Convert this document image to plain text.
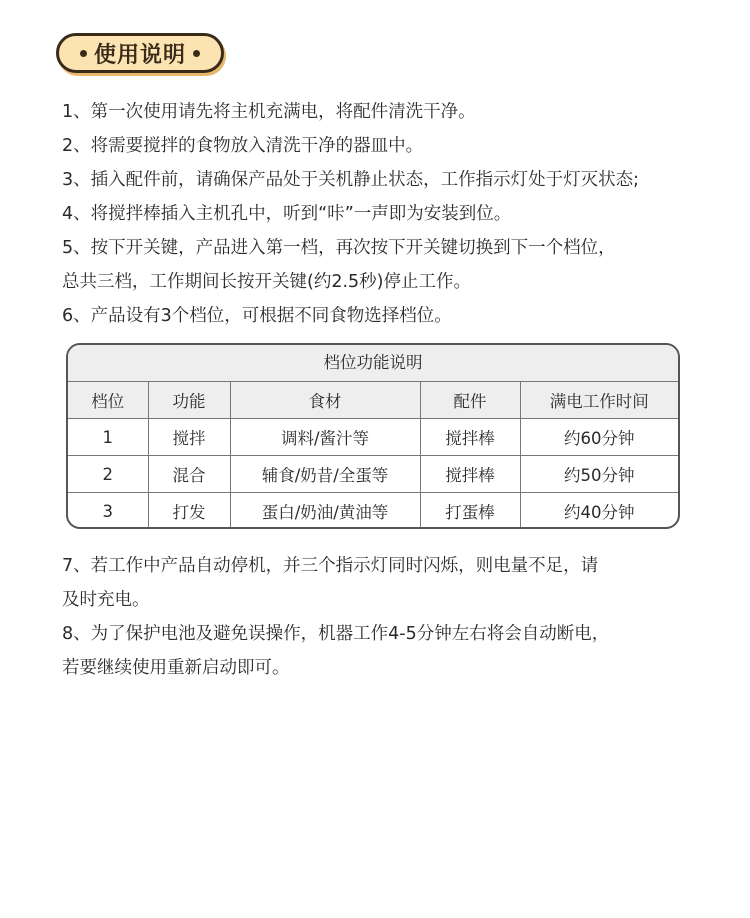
使用说明
1、第一次使用请先将主机充满电，将配件清洗干净。
2、将需要搅拌的食物放入清洗干净的器皿中。
3、插入配件前，请确保产品处于关机静止状态，工作指示灯处于灯灭状态;
4、将搅拌棒插入主机孔中，听到“咔”一声即为安装到位。
5、按下开关键，产品进入第一档，再次按下开关键切换到下一个档位，
总共三档，工作期间长按开关键(约2.5秒)停止工作。
6、产品设有3个档位，可根据不同食物选择档位。
档位功能说明
档位	功能	食材	配件	满电工作时间
1	搅拌	调料/酱汁等	搅拌棒	约60分钟
2	混合	辅食/奶昔/全蛋等	搅拌棒	约50分钟
3	打发	蛋白/奶油/黄油等	打蛋棒	约40分钟
7、若工作中产品自动停机，并三个指示灯同时闪烁，则电量不足，请
及时充电。
8、为了保护电池及避免误操作，机器工作4-5分钟左右将会自动断电，
若要继续使用重新启动即可。
